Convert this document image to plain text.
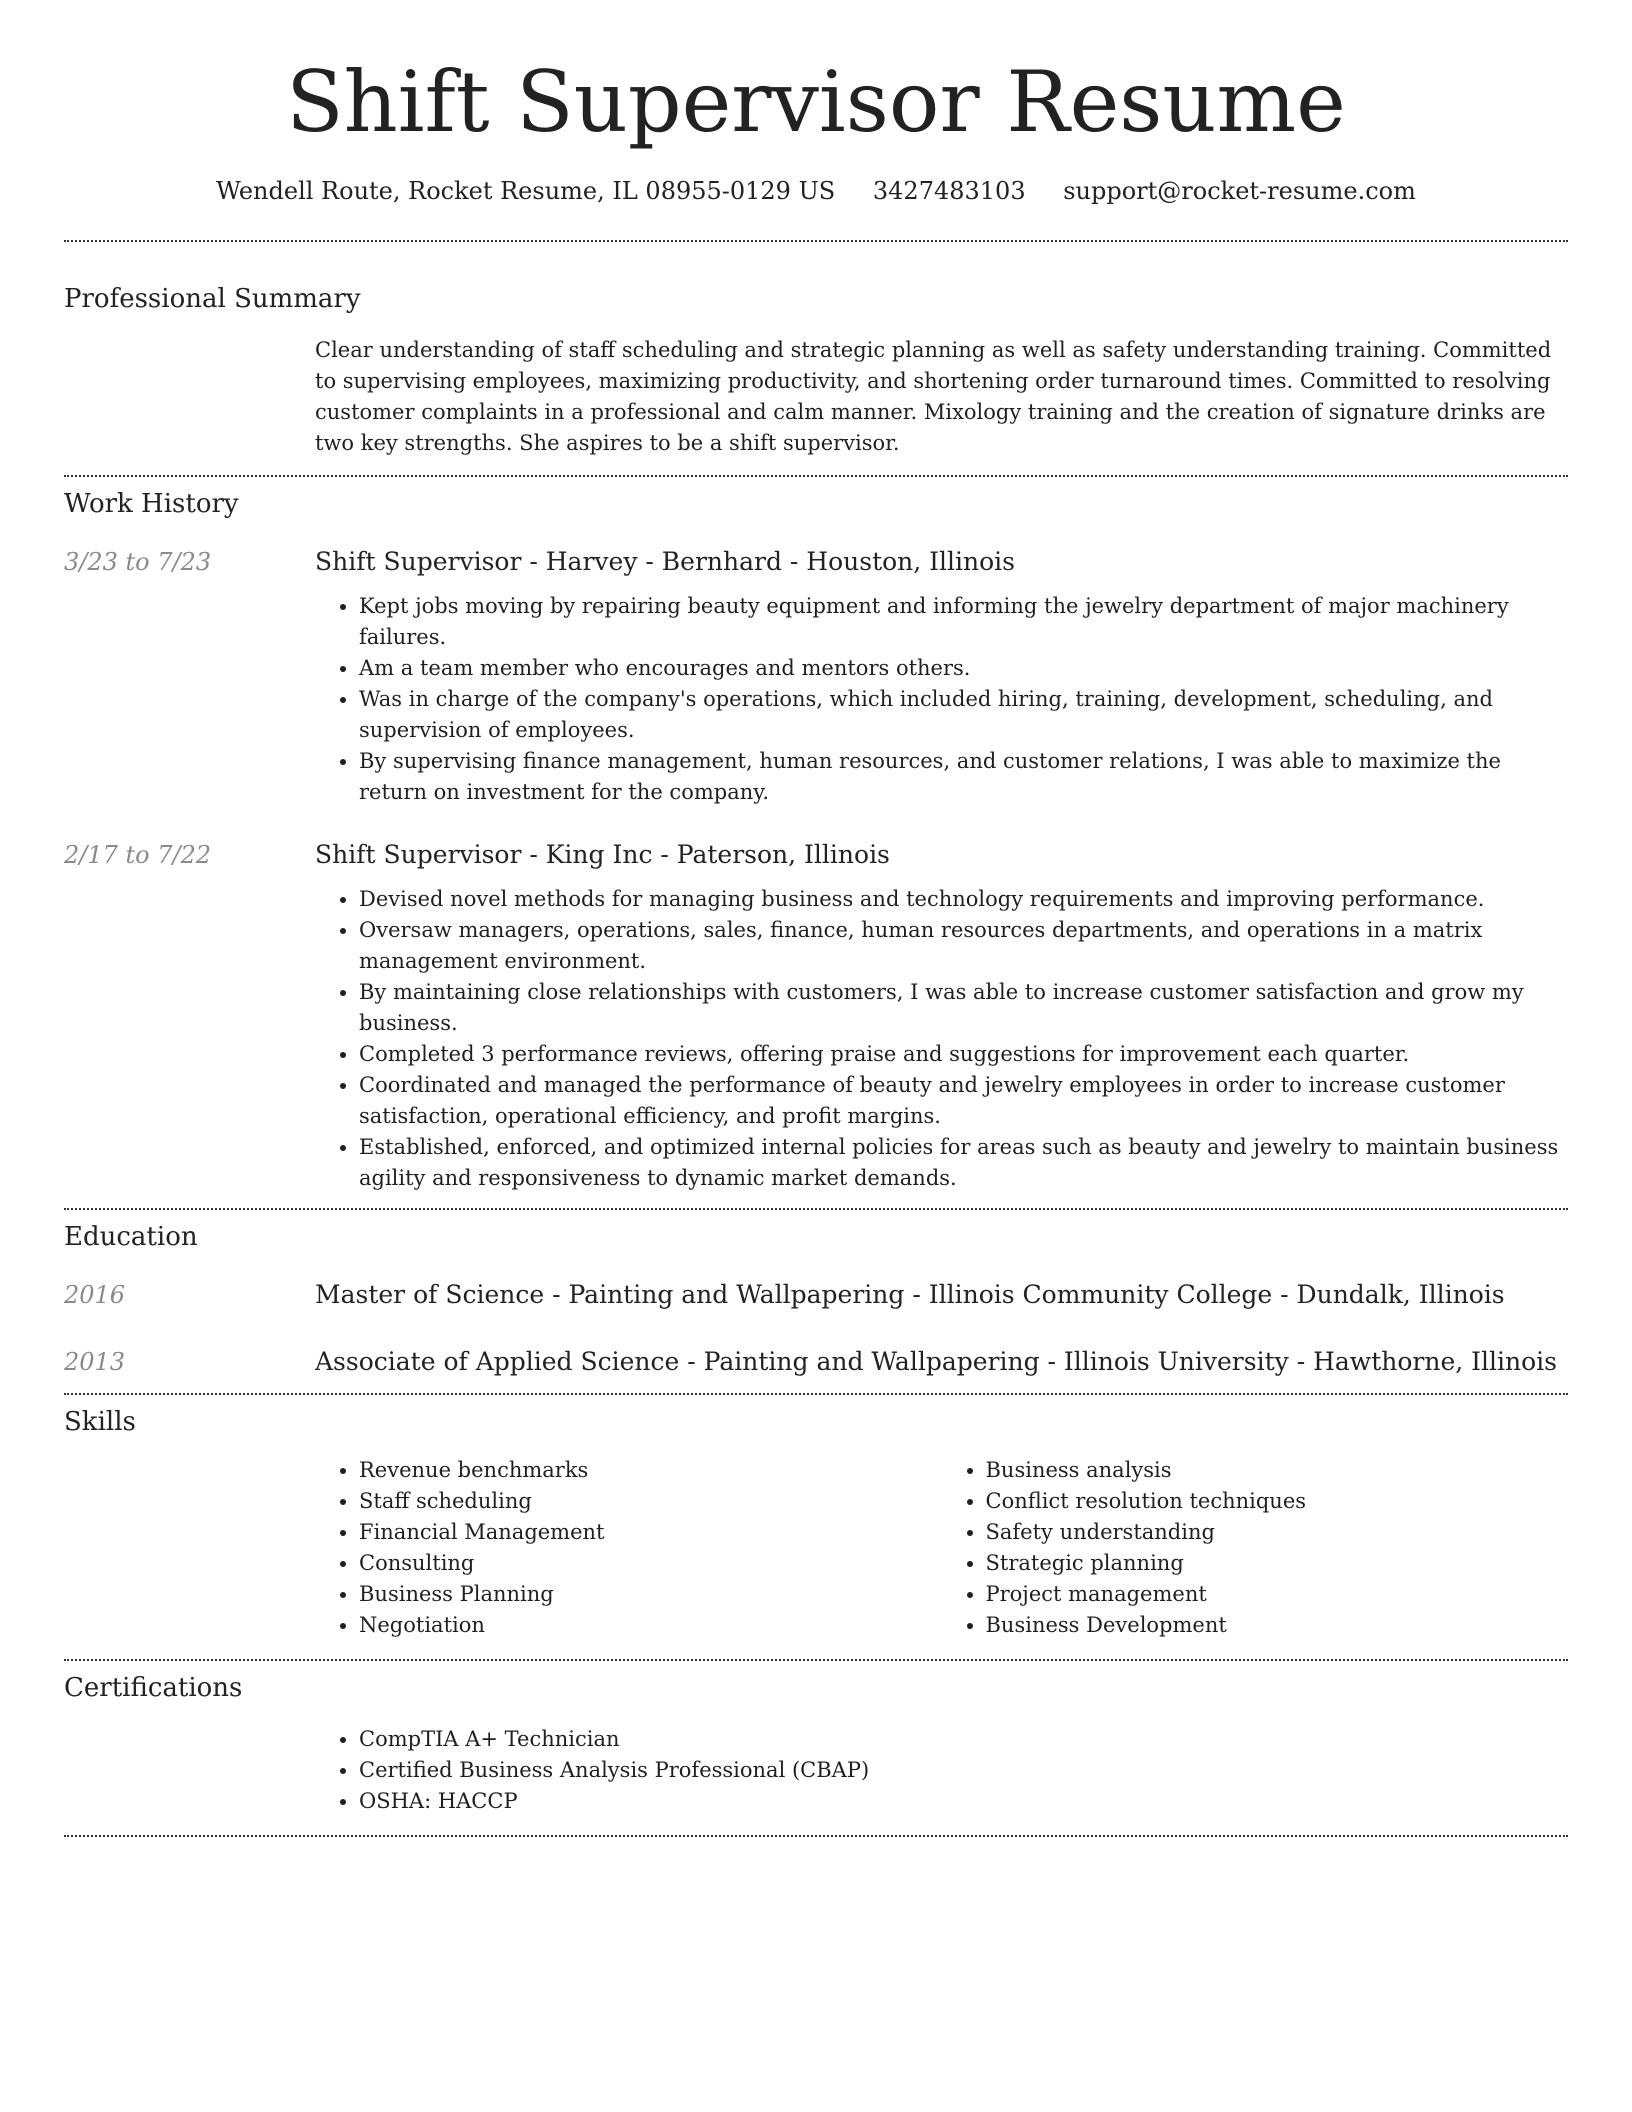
Shift Supervisor Resume
Wendell Route, Rocket Resume, IL 08955-0129 US 3427483103 support@rocket-resume.com
Professional Summary

Clear understanding of staff scheduling and strategic planning as well as safety understanding training. Committed to supervising employees, maximizing productivity, and shortening order turnaround times. Committed to resolving customer complaints in a professional and calm manner. Mixology training and the creation of signature drinks are two key strengths. She aspires to be a shift supervisor.

Work History
3/23 to 7/23	Shift Supervisor - Harvey - Bernhard - Houston, Illinois
• Kept jobs moving by repairing beauty equipment and informing the jewelry department of major machinery failures.
• Am a team member who encourages and mentors others.
• Was in charge of the company's operations, which included hiring, training, development, scheduling, and supervision of employees.
• By supervising finance management, human resources, and customer relations, I was able to maximize the return on investment for the company.
2/17 to 7/22	Shift Supervisor - King Inc - Paterson, Illinois
• Devised novel methods for managing business and technology requirements and improving performance.
• Oversaw managers, operations, sales, finance, human resources departments, and operations in a matrix management environment.
• By maintaining close relationships with customers, I was able to increase customer satisfaction and grow my business.
• Completed 3 performance reviews, offering praise and suggestions for improvement each quarter.
• Coordinated and managed the performance of beauty and jewelry employees in order to increase customer satisfaction, operational efficiency, and profit margins.
• Established, enforced, and optimized internal policies for areas such as beauty and jewelry to maintain business agility and responsiveness to dynamic market demands.
Education
2016	Master of Science - Painting and Wallpapering - Illinois Community College - Dundalk, Illinois
2013	Associate of Applied Science - Painting and Wallpapering - Illinois University - Hawthorne, Illinois
Skills
• Revenue benchmarks
• Staff scheduling
• Financial Management
• Consulting
• Business Planning
• Negotiation
• Business analysis
• Conflict resolution techniques
• Safety understanding
• Strategic planning
• Project management
• Business Development
Certifications
• CompTIA A+ Technician
• Certified Business Analysis Professional (CBAP)
• OSHA: HACCP
